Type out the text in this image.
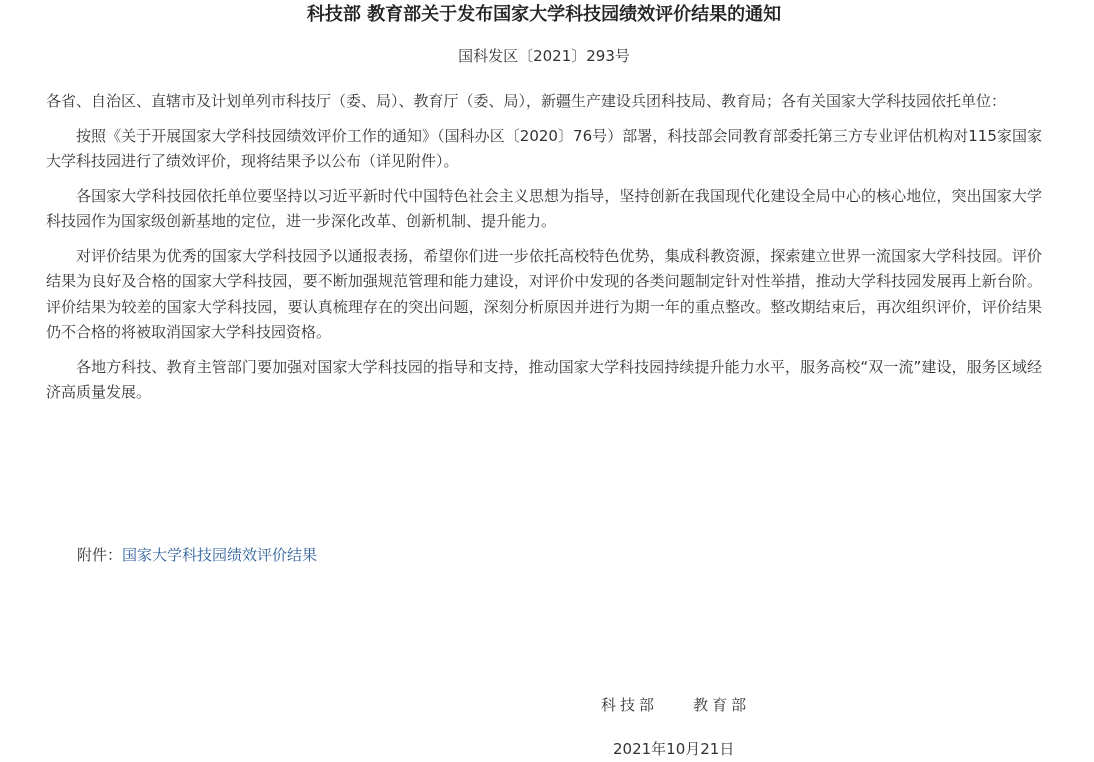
科技部 教育部关于发布国家大学科技园绩效评价结果的通知
国科发区〔2021〕293号

各省、自治区、直辖市及计划单列市科技厅（委、局）、教育厅（委、局），新疆生产建设兵团科技局、教育局；各有关国家大学科技园依托单位：

按照《关于开展国家大学科技园绩效评价工作的通知》（国科办区〔2020〕76号）部署，科技部会同教育部委托第三方专业评估机构对115家国家大学科技园进行了绩效评价，现将结果予以公布（详见附件）。

各国家大学科技园依托单位要坚持以习近平新时代中国特色社会主义思想为指导，坚持创新在我国现代化建设全局中心的核心地位，突出国家大学科技园作为国家级创新基地的定位，进一步深化改革、创新机制、提升能力。

对评价结果为优秀的国家大学科技园予以通报表扬，希望你们进一步依托高校特色优势，集成科教资源，探索建立世界一流国家大学科技园。评价结果为良好及合格的国家大学科技园，要不断加强规范管理和能力建设，对评价中发现的各类问题制定针对性举措，推动大学科技园发展再上新台阶。评价结果为较差的国家大学科技园，要认真梳理存在的突出问题，深刻分析原因并进行为期一年的重点整改。整改期结束后，再次组织评价，评价结果仍不合格的将被取消国家大学科技园资格。

各地方科技、教育主管部门要加强对国家大学科技园的指导和支持，推动国家大学科技园持续提升能力水平，服务高校“双一流”建设，服务区域经济高质量发展。

附件：国家大学科技园绩效评价结果
科技部    教育部
2021年10月21日
